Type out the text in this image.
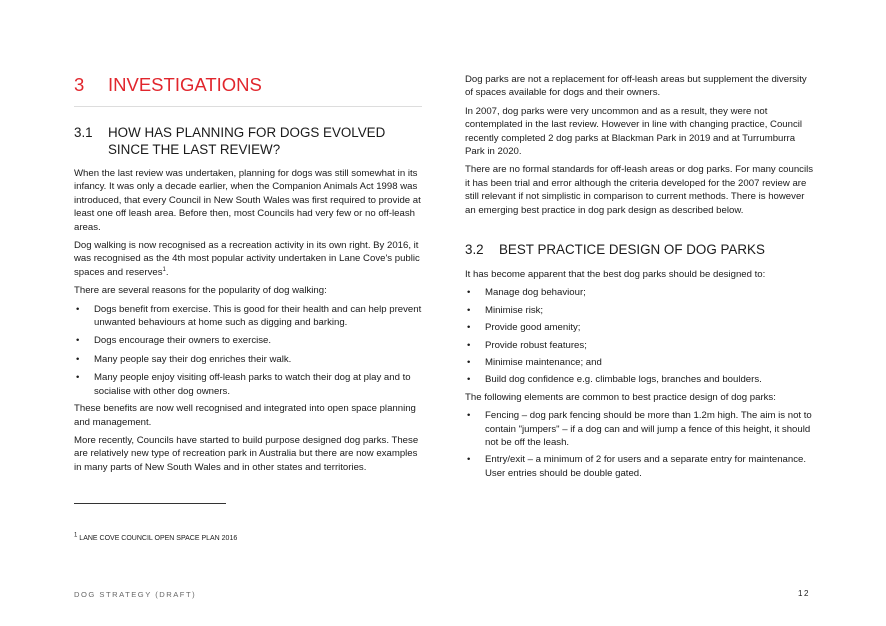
3 INVESTIGATIONS
3.1	HOW HAS PLANNING FOR DOGS EVOLVED SINCE THE LAST REVIEW?

When the last review was undertaken, planning for dogs was still somewhat in its infancy. It was only a decade earlier, when the Companion Animals Act 1998 was introduced, that every Council in New South Wales was first required to provide at least one off leash area. Before then, most Councils had very few or no off-leash areas.

Dog walking is now recognised as a recreation activity in its own right. By 2016, it was recognised as the 4th most popular activity undertaken in Lane Cove's public spaces and reserves$^1$.

There are several reasons for the popularity of dog walking:

• Dogs benefit from exercise. This is good for their health and can help prevent unwanted behaviours at home such as digging and barking.
• Dogs encourage their owners to exercise.
• Many people say their dog enriches their walk.
• Many people enjoy visiting off-leash parks to watch their dog at play and to socialise with other dog owners.

These benefits are now well recognised and integrated into open space planning and management.

More recently, Councils have started to build purpose designed dog parks. These are relatively new type of recreation park in Australia but there are now examples in many parts of New South Wales and in other states and territories.

Dog parks are not a replacement for off-leash areas but supplement the diversity of spaces available for dogs and their owners.

In 2007, dog parks were very uncommon and as a result, they were not contemplated in the last review. However in line with changing practice, Council recently completed 2 dog parks at Blackman Park in 2019 and at Turrumburra Park in 2020.

There are no formal standards for off-leash areas or dog parks. For many councils it has been trial and error although the criteria developed for the 2007 review are still relevant if not simplistic in comparison to current methods. There is however an emerging best practice in dog park design as described below.

3.2	BEST PRACTICE DESIGN OF DOG PARKS

It has become apparent that the best dog parks should be designed to:

• Manage dog behaviour;
• Minimise risk;
• Provide good amenity;
• Provide robust features;
• Minimise maintenance; and
• Build dog confidence e.g. climbable logs, branches and boulders.

The following elements are common to best practice design of dog parks:

• Fencing – dog park fencing should be more than 1.2m high. The aim is not to contain "jumpers" – if a dog can and will jump a fence of this height, it should not be off the leash.
• Entry/exit – a minimum of 2 for users and a separate entry for maintenance. User entries should be double gated.
$^1$ LANE COVE COUNCIL OPEN SPACE PLAN 2016
DOG STRATEGY (DRAFT)	12
